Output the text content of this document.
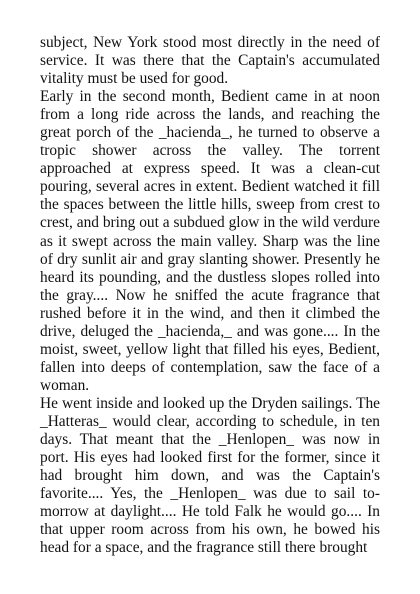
subject, New York stood most directly in the need of service. It was there that the Captain's accumulated vitality must be used for good.

Early in the second month, Bedient came in at noon from a long ride across the lands, and reaching the great porch of the _hacienda_, he turned to observe a tropic shower across the valley. The torrent approached at express speed. It was a clean-cut pouring, several acres in extent. Bedient watched it fill the spaces between the little hills, sweep from crest to crest, and bring out a subdued glow in the wild verdure as it swept across the main valley. Sharp was the line of dry sunlit air and gray slanting shower. Presently he heard its pounding, and the dustless slopes rolled into the gray.... Now he sniffed the acute fragrance that rushed before it in the wind, and then it climbed the drive, deluged the _hacienda,_ and was gone.... In the moist, sweet, yellow light that filled his eyes, Bedient, fallen into deeps of contemplation, saw the face of a woman.

He went inside and looked up the Dryden sailings. The _Hatteras_ would clear, according to schedule, in ten days. That meant that the _Henlopen_ was now in port. His eyes had looked first for the former, since it had brought him down, and was the Captain's favorite.... Yes, the _Henlopen_ was due to sail to-morrow at daylight.... He told Falk he would go.... In that upper room across from his own, he bowed his head for a space, and the fragrance still there brought
